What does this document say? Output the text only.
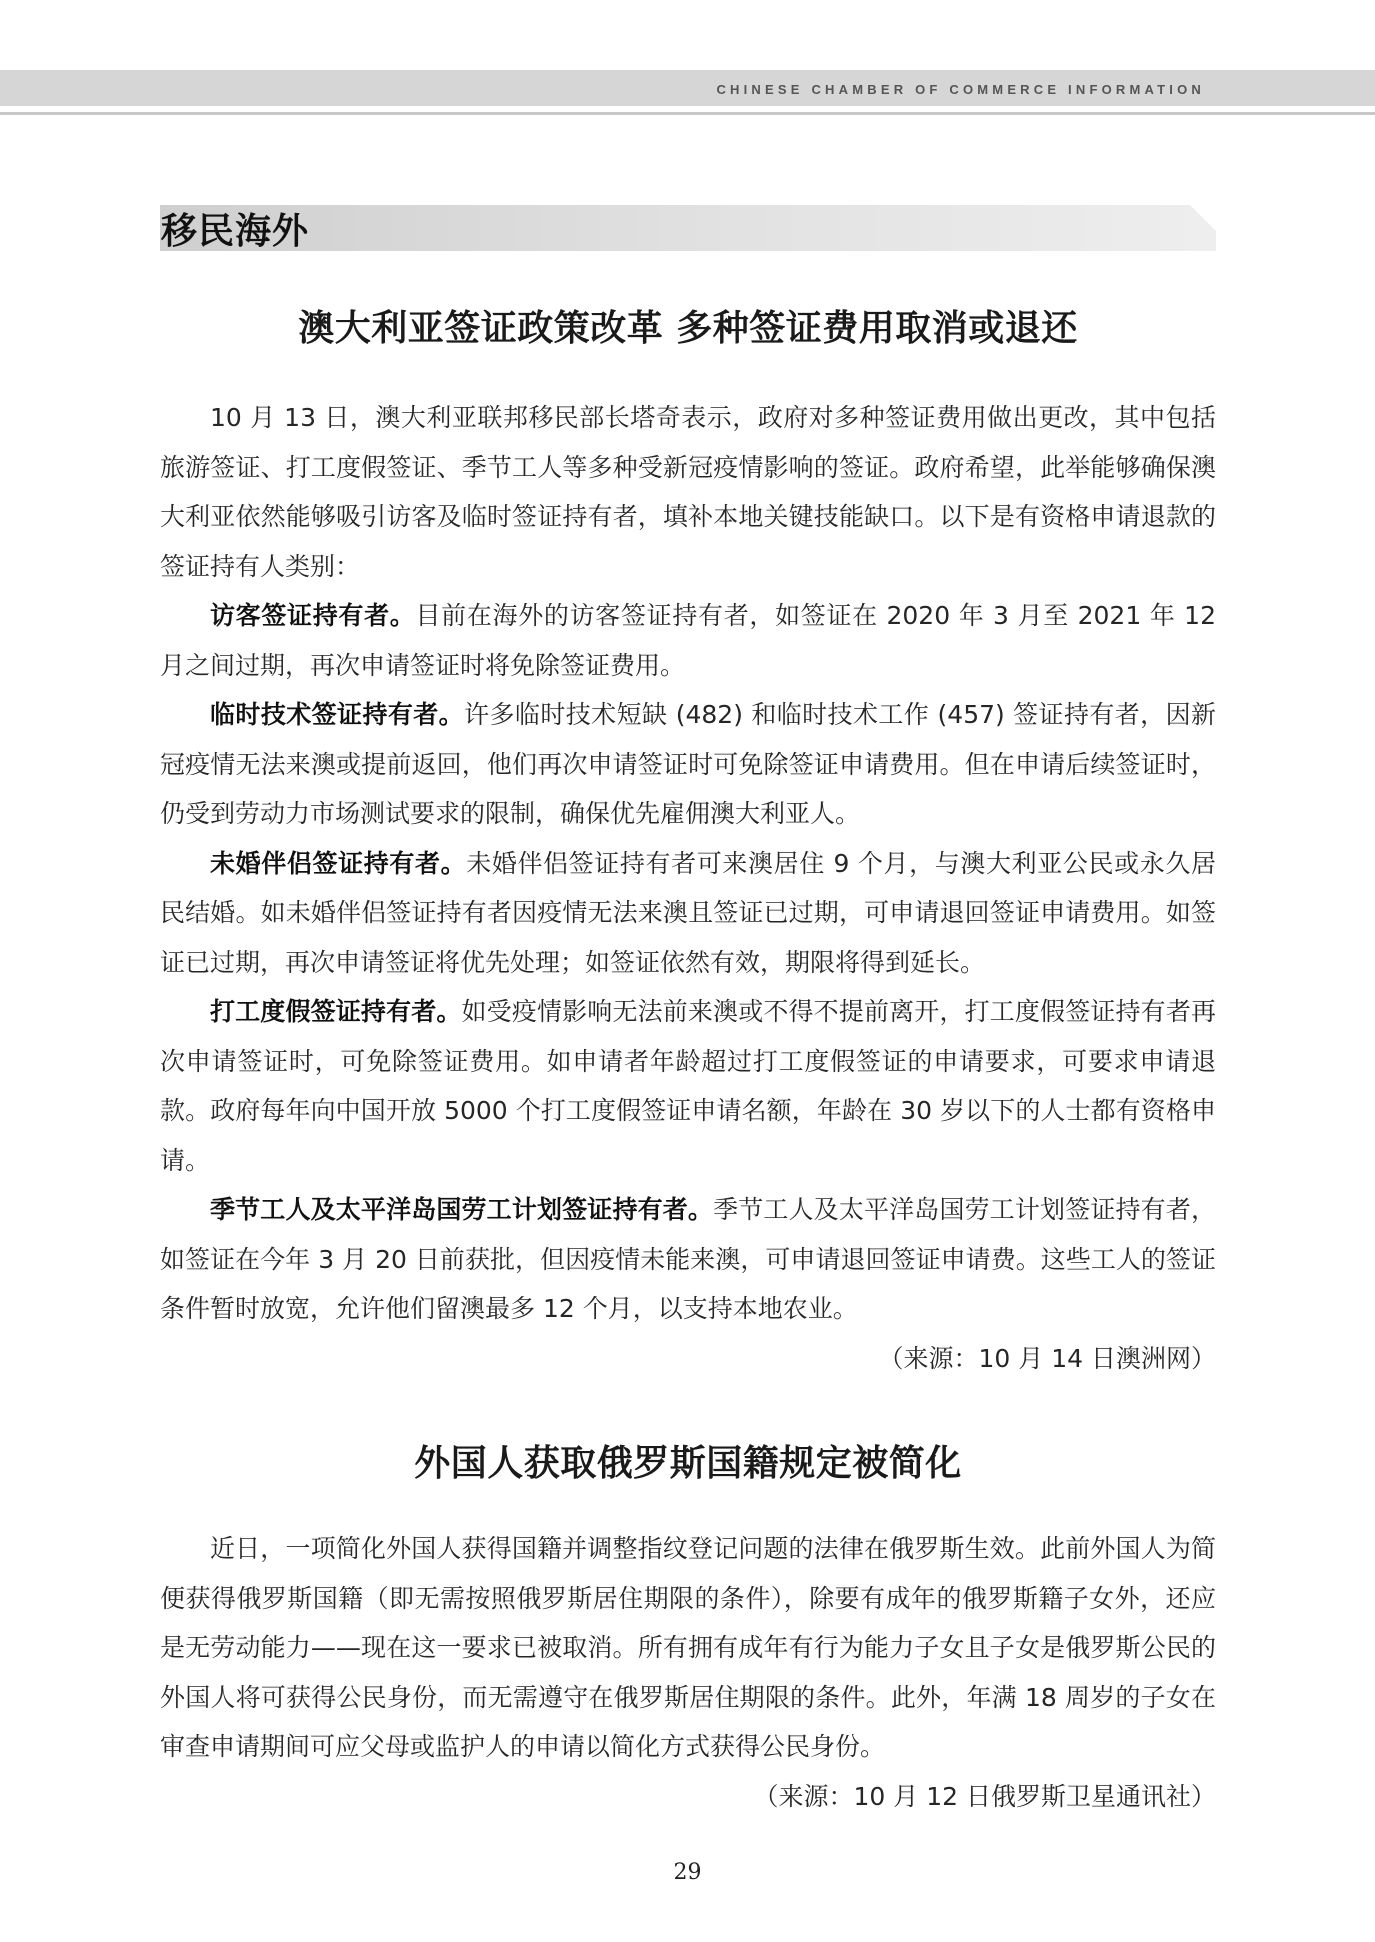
CHINESE CHAMBER OF COMMERCE INFORMATION
移民海外
澳大利亚签证政策改革 多种签证费用取消或退还

10 月 13 日，澳大利亚联邦移民部长塔奇表示，政府对多种签证费用做出更改，其中包括旅游签证、打工度假签证、季节工人等多种受新冠疫情影响的签证。政府希望，此举能够确保澳大利亚依然能够吸引访客及临时签证持有者，填补本地关键技能缺口。以下是有资格申请退款的签证持有人类别：

访客签证持有者。目前在海外的访客签证持有者，如签证在 2020 年 3 月至 2021 年 12 月之间过期，再次申请签证时将免除签证费用。

临时技术签证持有者。许多临时技术短缺 (482) 和临时技术工作 (457) 签证持有者，因新冠疫情无法来澳或提前返回，他们再次申请签证时可免除签证申请费用。但在申请后续签证时，仍受到劳动力市场测试要求的限制，确保优先雇佣澳大利亚人。

未婚伴侣签证持有者。未婚伴侣签证持有者可来澳居住 9 个月，与澳大利亚公民或永久居民结婚。如未婚伴侣签证持有者因疫情无法来澳且签证已过期，可申请退回签证申请费用。如签证已过期，再次申请签证将优先处理；如签证依然有效，期限将得到延长。

打工度假签证持有者。如受疫情影响无法前来澳或不得不提前离开，打工度假签证持有者再次申请签证时，可免除签证费用。如申请者年龄超过打工度假签证的申请要求，可要求申请退款。政府每年向中国开放 5000 个打工度假签证申请名额，年龄在 30 岁以下的人士都有资格申请。

季节工人及太平洋岛国劳工计划签证持有者。季节工人及太平洋岛国劳工计划签证持有者，如签证在今年 3 月 20 日前获批，但因疫情未能来澳，可申请退回签证申请费。这些工人的签证条件暂时放宽，允许他们留澳最多 12 个月，以支持本地农业。

（来源：10 月 14 日澳洲网）

外国人获取俄罗斯国籍规定被简化

近日，一项简化外国人获得国籍并调整指纹登记问题的法律在俄罗斯生效。此前外国人为简便获得俄罗斯国籍（即无需按照俄罗斯居住期限的条件），除要有成年的俄罗斯籍子女外，还应是无劳动能力——现在这一要求已被取消。所有拥有成年有行为能力子女且子女是俄罗斯公民的外国人将可获得公民身份，而无需遵守在俄罗斯居住期限的条件。此外，年满 18 周岁的子女在审查申请期间可应父母或监护人的申请以简化方式获得公民身份。

（来源：10 月 12 日俄罗斯卫星通讯社）

29
